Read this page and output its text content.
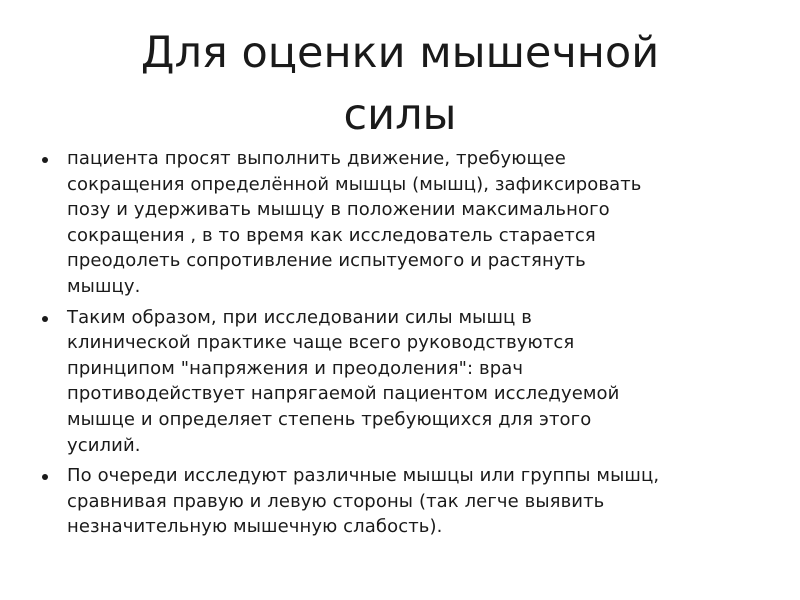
Для оценки мышечной
силы
пациента просят выполнить движение, требующее
сокращения определённой мышцы (мышц), зафиксировать
позу и удерживать мышцу в положении максимального
сокращения , в то время как исследователь старается
преодолеть сопротивление испытуемого и растянуть
мышцу.
Таким образом, при исследовании силы мышц в
клинической практике чаще всего руководствуются
принципом "напряжения и преодоления": врач
противодействует напрягаемой пациентом исследуемой
мышце и определяет степень требующихся для этого
усилий.
По очереди исследуют различные мышцы или группы мышц,
сравнивая правую и левую стороны (так легче выявить
незначительную мышечную слабость).
